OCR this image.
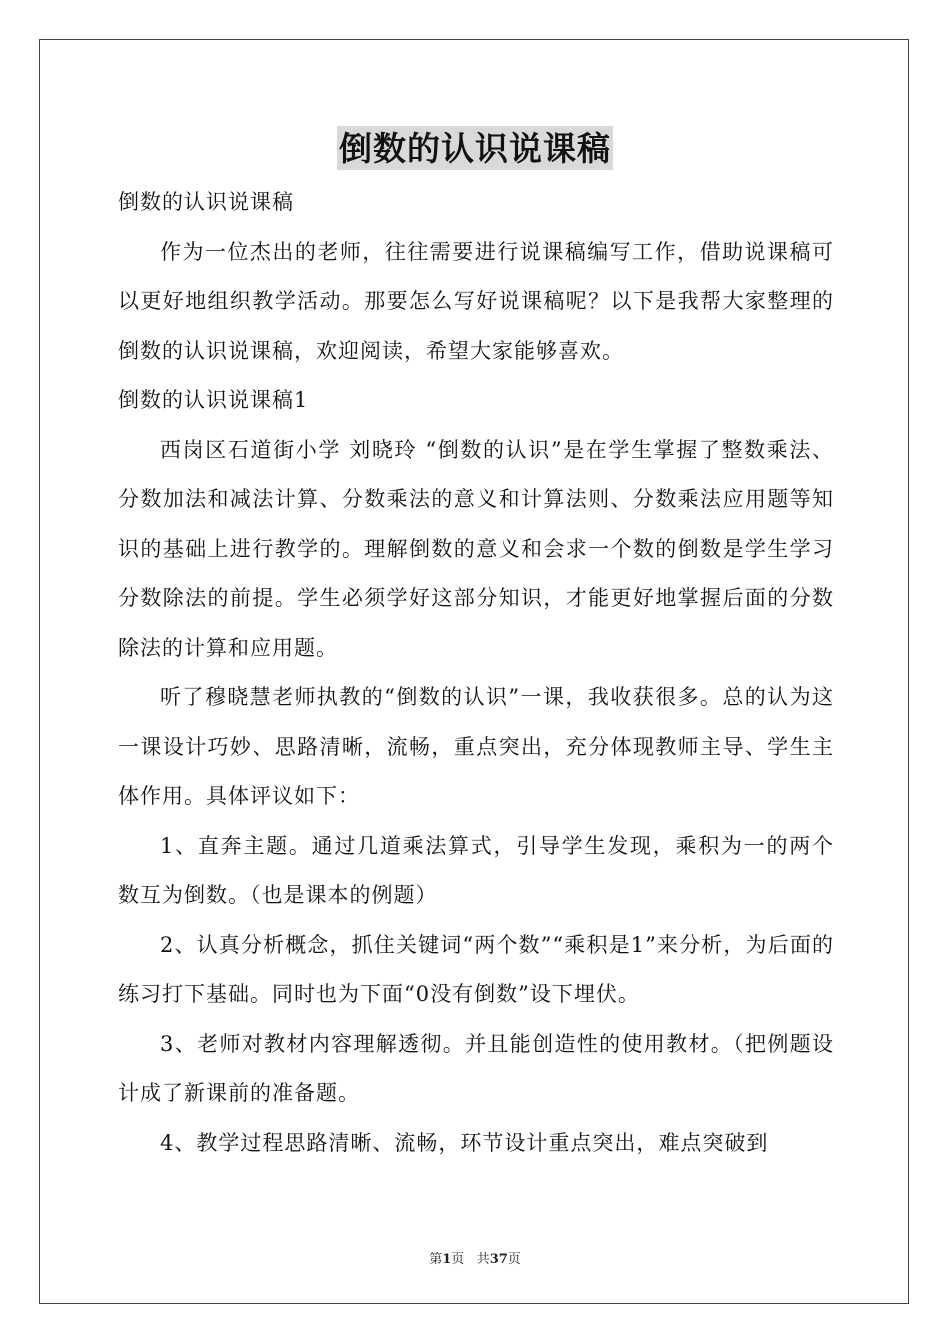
倒数的认识说课稿

倒数的认识说课稿

作为一位杰出的老师，往往需要进行说课稿编写工作，借助说课稿可以更好地组织教学活动。那要怎么写好说课稿呢？以下是我帮大家整理的倒数的认识说课稿，欢迎阅读，希望大家能够喜欢。

倒数的认识说课稿1

西岗区石道街小学 刘晓玲 “倒数的认识”是在学生掌握了整数乘法、分数加法和减法计算、分数乘法的意义和计算法则、分数乘法应用题等知识的基础上进行教学的。理解倒数的意义和会求一个数的倒数是学生学习分数除法的前提。学生必须学好这部分知识，才能更好地掌握后面的分数除法的计算和应用题。

听了穆晓慧老师执教的“倒数的认识”一课，我收获很多。总的认为这一课设计巧妙、思路清晰，流畅，重点突出，充分体现教师主导、学生主体作用。具体评议如下：

1、直奔主题。通过几道乘法算式，引导学生发现，乘积为一的两个数互为倒数。（也是课本的例题）

2、认真分析概念，抓住关键词“两个数”“乘积是1”来分析，为后面的练习打下基础。同时也为下面“0没有倒数”设下埋伏。

3、老师对教材内容理解透彻。并且能创造性的使用教材。（把例题设计成了新课前的准备题。

4、教学过程思路清晰、流畅，环节设计重点突出，难点突破到

第1页 共37页
